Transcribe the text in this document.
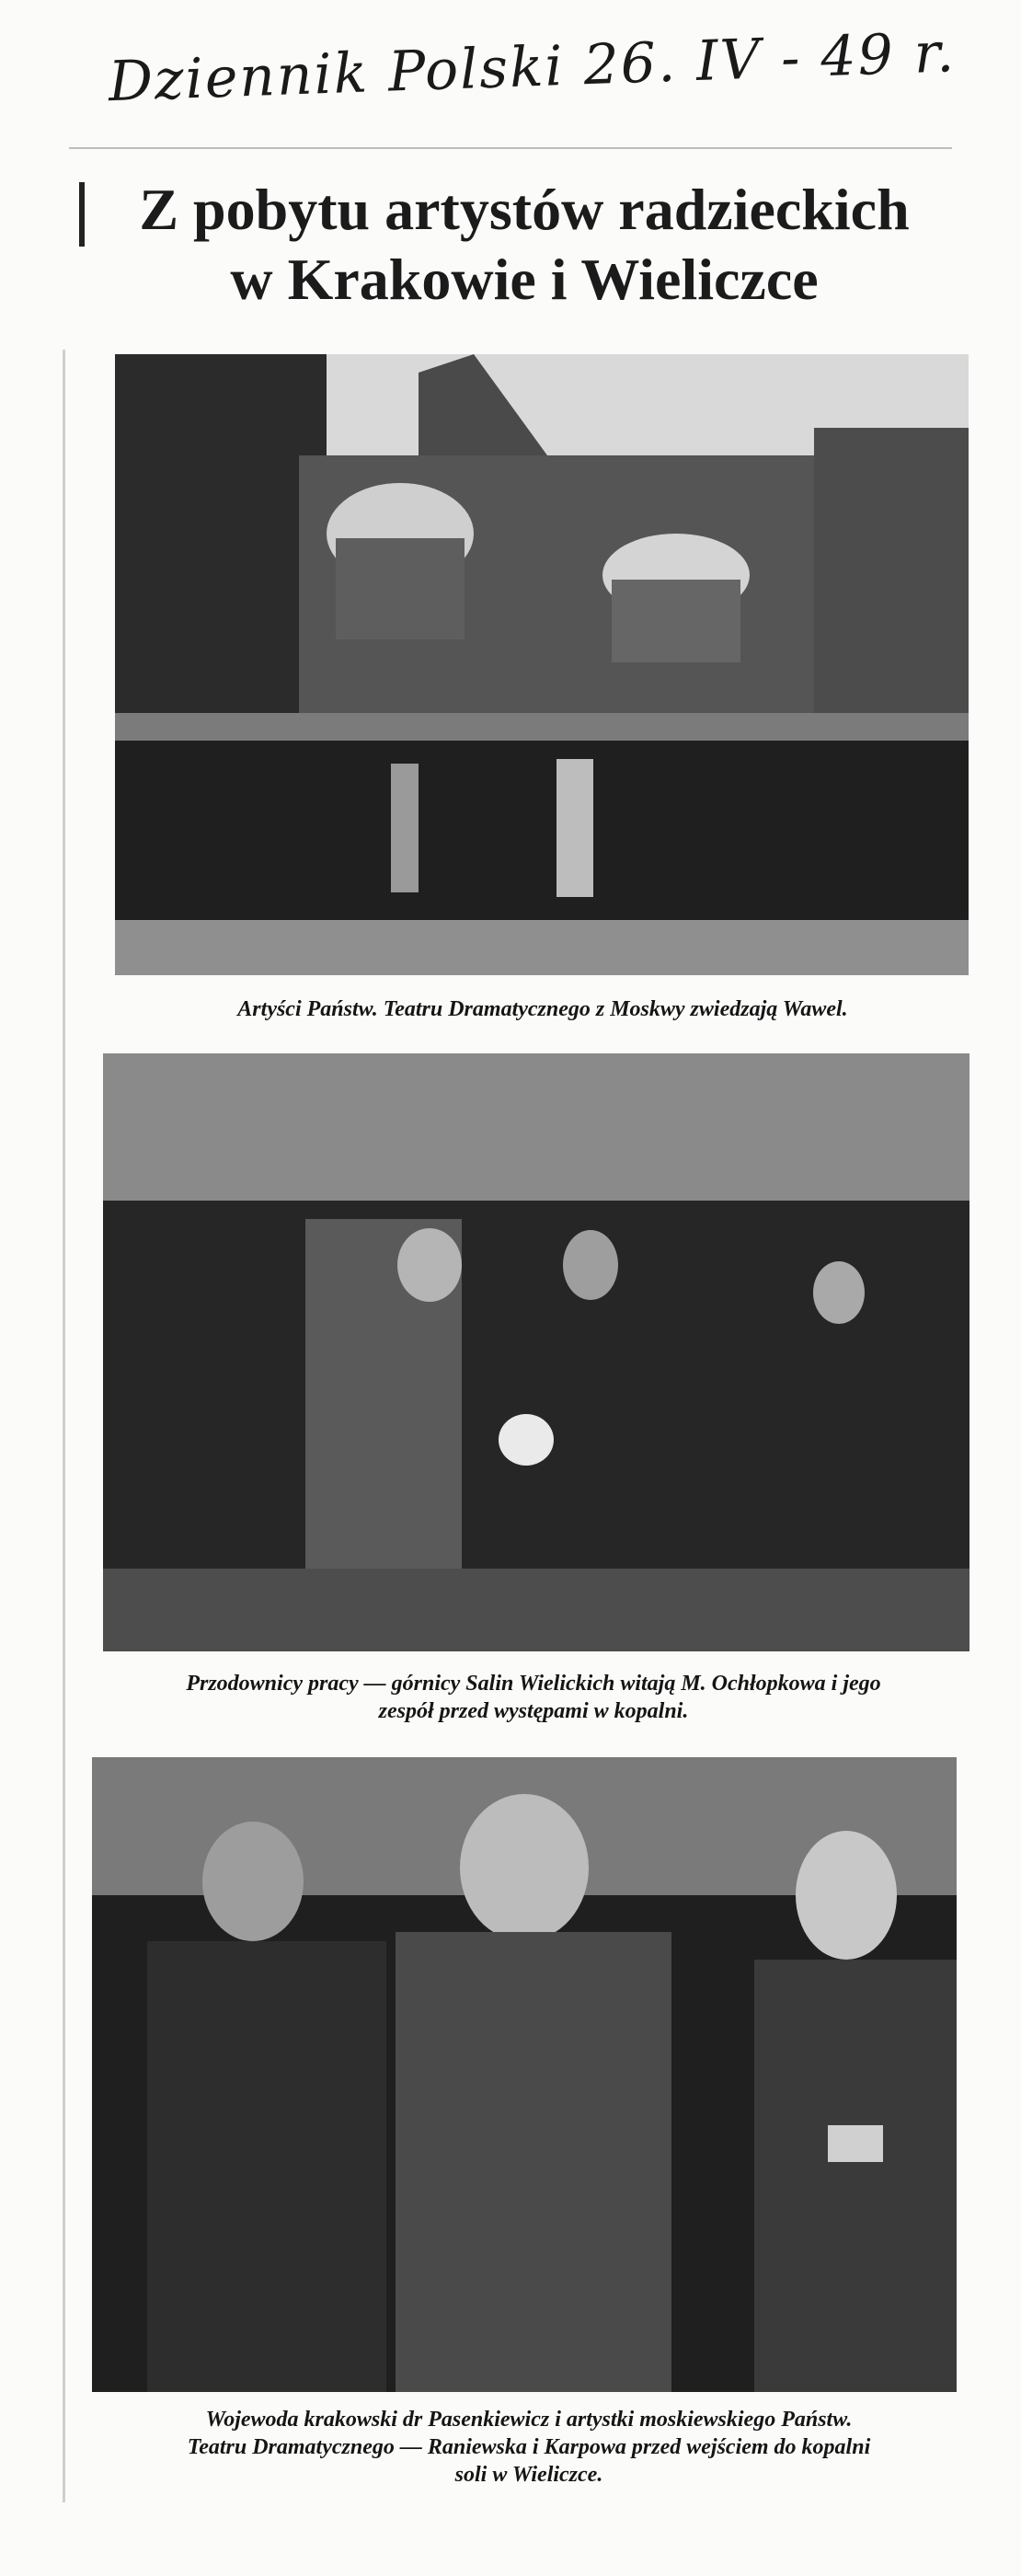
Dziennik Polski 26. IV - 49 r.
Z pobytu artystów radzieckich
w Krakowie i Wieliczce
Artyści Państw. Teatru Dramatycznego z Moskwy zwiedzają Wawel.
Przodownicy pracy — górnicy Salin Wielickich witają M. Ochłopkowa i jego
zespół przed występami w kopalni.
Wojewoda krakowski dr Pasenkiewicz i artystki moskiewskiego Państw.
Teatru Dramatycznego — Raniewska i Karpowa przed wejściem do kopalni
soli w Wieliczce.
